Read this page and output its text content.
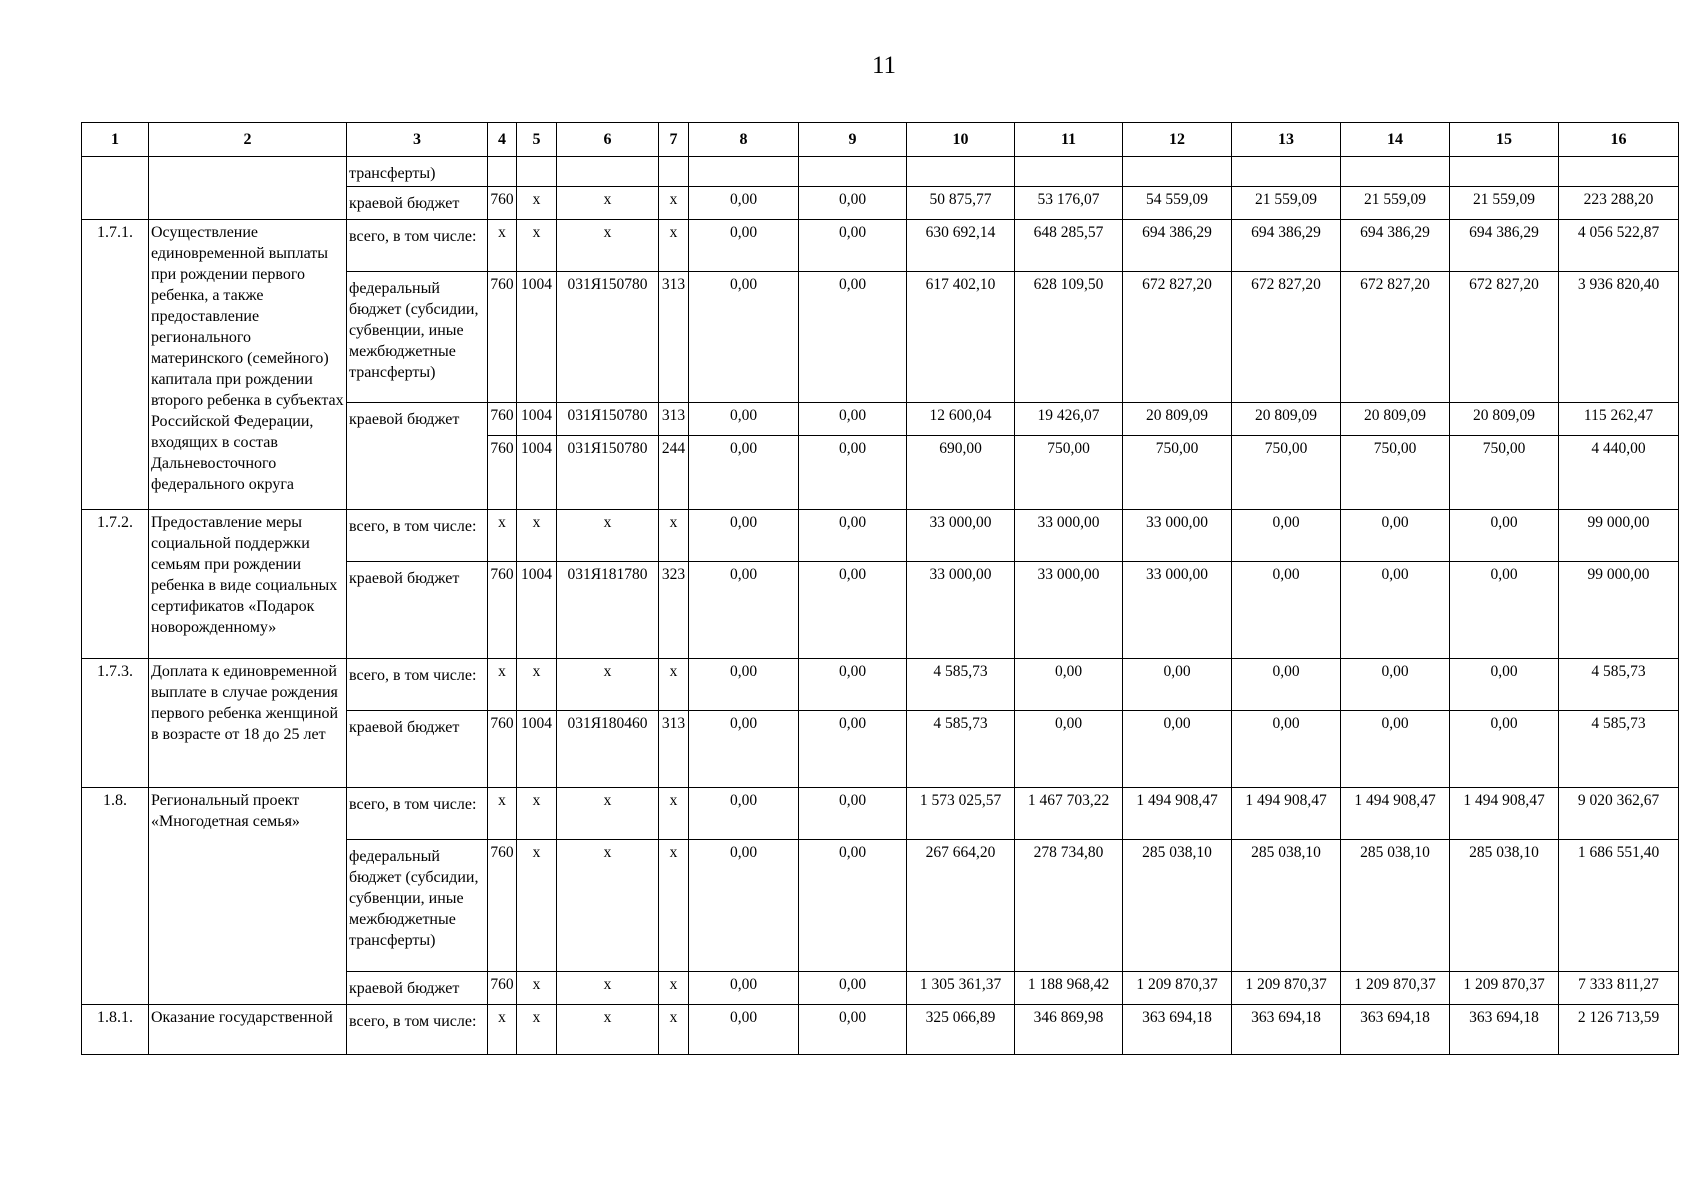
11
1	2	3	4	5	6	7	8	9	10	11	12	13	14	15	16
		трансферты)													
		краевой бюджет	760	x	x	x	0,00	0,00	50 875,77	53 176,07	54 559,09	21 559,09	21 559,09	21 559,09	223 288,20
1.7.1.	Осуществление единовременной выплаты при рождении первого ребенка, а также предоставление регионального материнского (семейного) капитала при рождении второго ребенка в субъектах Российской Федерации, входящих в состав Дальневосточного федерального округа	всего, в том числе:	x	x	x	x	0,00	0,00	630 692,14	648 285,57	694 386,29	694 386,29	694 386,29	694 386,29	4 056 522,87
		федеральный бюджет (субсидии, субвенции, иные межбюджетные трансферты)	760	1004	031Я150780	313	0,00	0,00	617 402,10	628 109,50	672 827,20	672 827,20	672 827,20	672 827,20	3 936 820,40
		краевой бюджет	760	1004	031Я150780	313	0,00	0,00	12 600,04	19 426,07	20 809,09	20 809,09	20 809,09	20 809,09	115 262,47
			760	1004	031Я150780	244	0,00	0,00	690,00	750,00	750,00	750,00	750,00	750,00	4 440,00
1.7.2.	Предоставление меры социальной поддержки семьям при рождении ребенка в виде социальных сертификатов «Подарок новорожденному»	всего, в том числе:	x	x	x	x	0,00	0,00	33 000,00	33 000,00	33 000,00	0,00	0,00	0,00	99 000,00
		краевой бюджет	760	1004	031Я181780	323	0,00	0,00	33 000,00	33 000,00	33 000,00	0,00	0,00	0,00	99 000,00
1.7.3.	Доплата к единовременной выплате в случае рождения первого ребенка женщиной в возрасте от 18 до 25 лет	всего, в том числе:	x	x	x	x	0,00	0,00	4 585,73	0,00	0,00	0,00	0,00	0,00	4 585,73
		краевой бюджет	760	1004	031Я180460	313	0,00	0,00	4 585,73	0,00	0,00	0,00	0,00	0,00	4 585,73
1.8.	Региональный проект «Многодетная семья»	всего, в том числе:	x	x	x	x	0,00	0,00	1 573 025,57	1 467 703,22	1 494 908,47	1 494 908,47	1 494 908,47	1 494 908,47	9 020 362,67
		федеральный бюджет (субсидии, субвенции, иные межбюджетные трансферты)	760	x	x	x	0,00	0,00	267 664,20	278 734,80	285 038,10	285 038,10	285 038,10	285 038,10	1 686 551,40
		краевой бюджет	760	x	x	x	0,00	0,00	1 305 361,37	1 188 968,42	1 209 870,37	1 209 870,37	1 209 870,37	1 209 870,37	7 333 811,27
1.8.1.	Оказание государственной	всего, в том числе:	x	x	x	x	0,00	0,00	325 066,89	346 869,98	363 694,18	363 694,18	363 694,18	363 694,18	2 126 713,59
